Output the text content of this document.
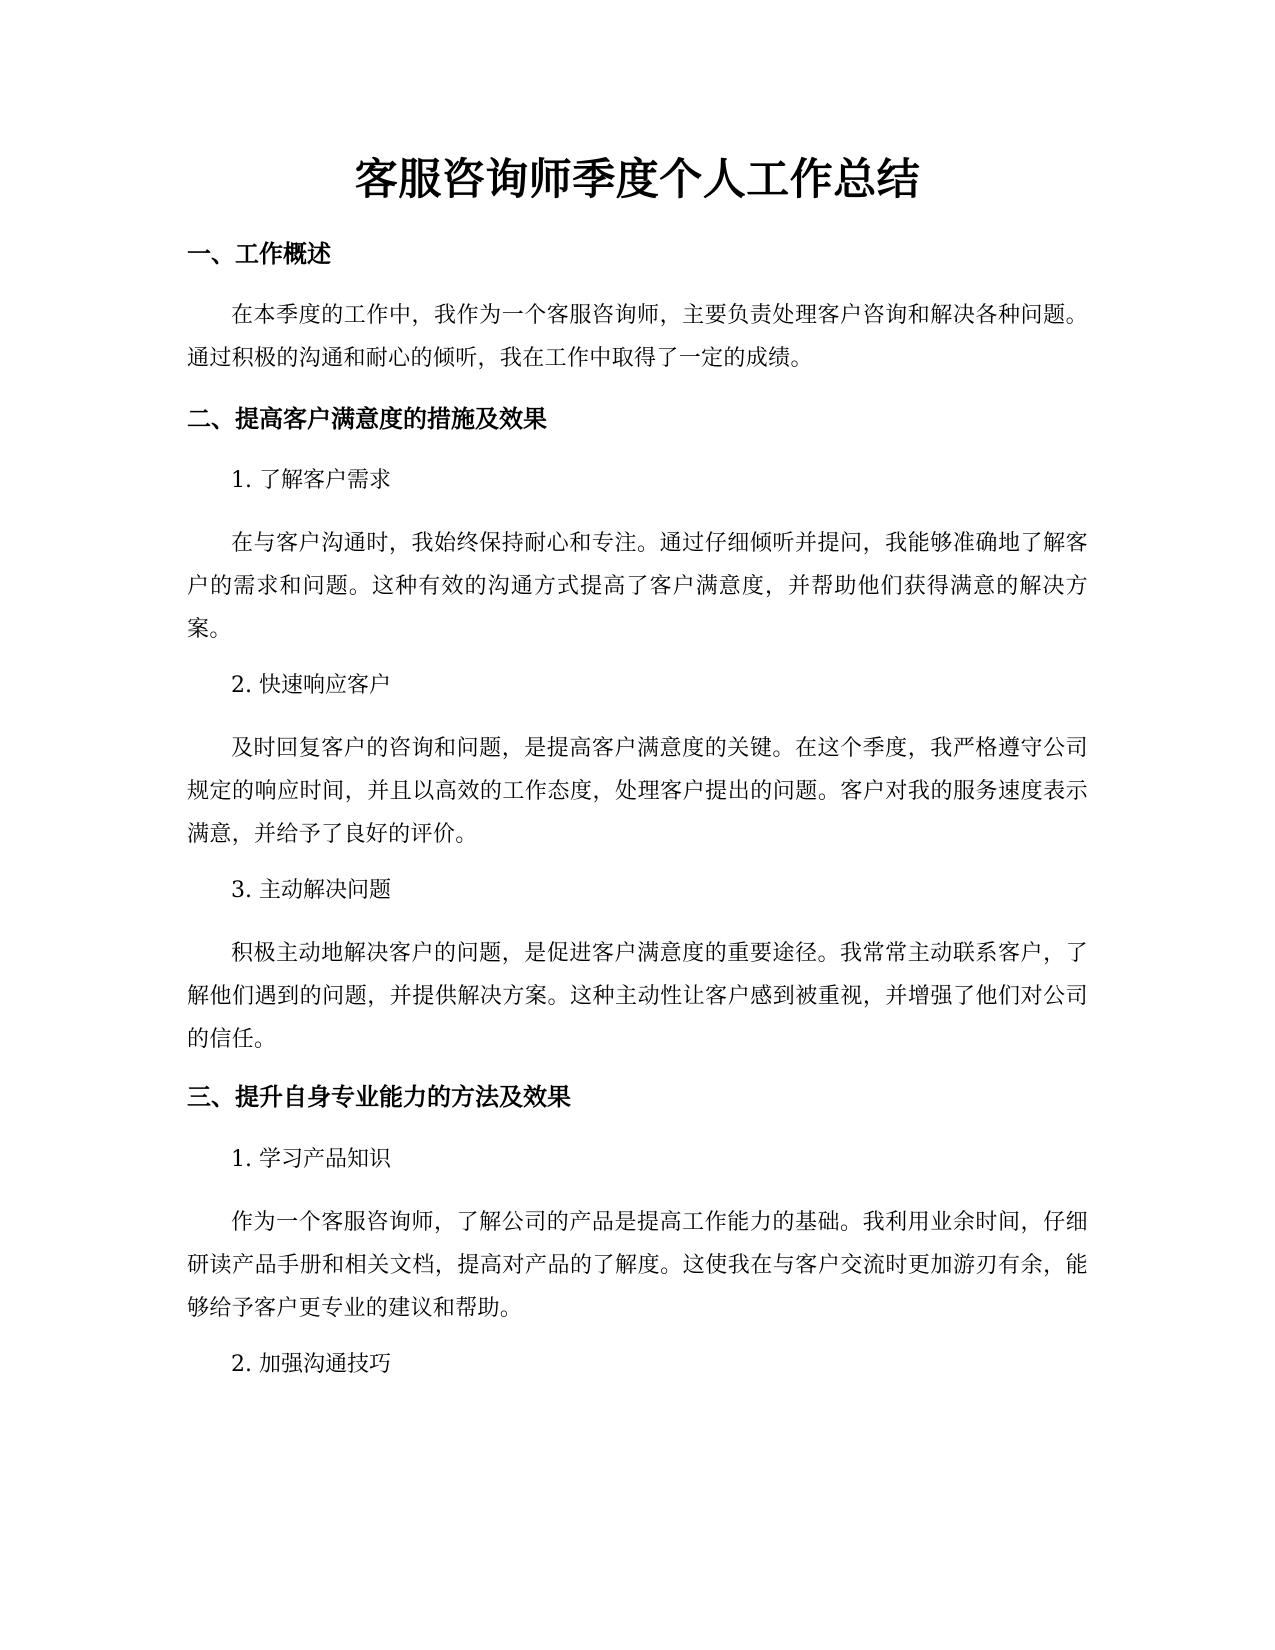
客服咨询师季度个人工作总结
一、工作概述

在本季度的工作中，我作为一个客服咨询师，主要负责处理客户咨询和解决各种问题。通过积极的沟通和耐心的倾听，我在工作中取得了一定的成绩。

二、提高客户满意度的措施及效果

1. 了解客户需求

在与客户沟通时，我始终保持耐心和专注。通过仔细倾听并提问，我能够准确地了解客户的需求和问题。这种有效的沟通方式提高了客户满意度，并帮助他们获得满意的解决方案。

2. 快速响应客户

及时回复客户的咨询和问题，是提高客户满意度的关键。在这个季度，我严格遵守公司规定的响应时间，并且以高效的工作态度，处理客户提出的问题。客户对我的服务速度表示满意，并给予了良好的评价。

3. 主动解决问题

积极主动地解决客户的问题，是促进客户满意度的重要途径。我常常主动联系客户，了解他们遇到的问题，并提供解决方案。这种主动性让客户感到被重视，并增强了他们对公司的信任。

三、提升自身专业能力的方法及效果

1. 学习产品知识

作为一个客服咨询师，了解公司的产品是提高工作能力的基础。我利用业余时间，仔细研读产品手册和相关文档，提高对产品的了解度。这使我在与客户交流时更加游刃有余，能够给予客户更专业的建议和帮助。

2. 加强沟通技巧
